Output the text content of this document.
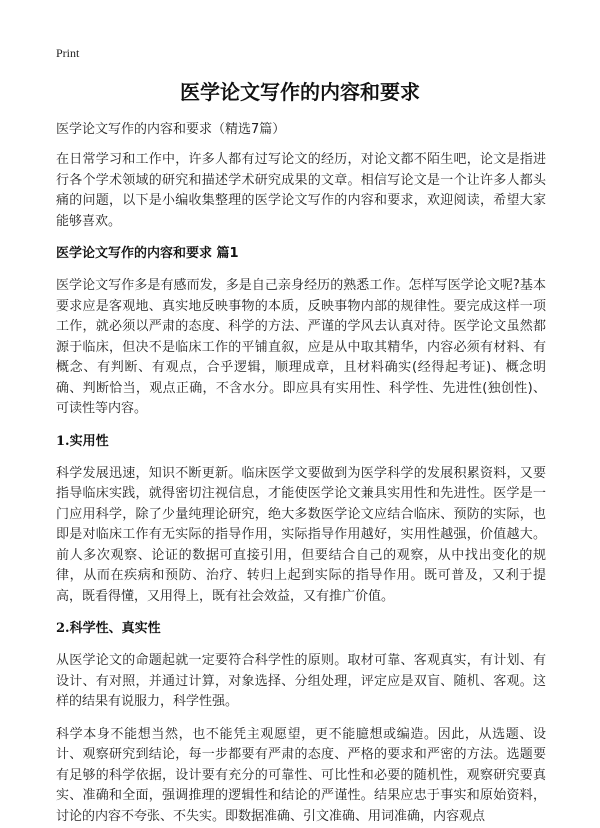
Print
医学论文写作的内容和要求

医学论文写作的内容和要求（精选7篇）

在日常学习和工作中，许多人都有过写论文的经历，对论文都不陌生吧，论文是指进行各个学术领域的研究和描述学术研究成果的文章。相信写论文是一个让许多人都头痛的问题，以下是小编收集整理的医学论文写作的内容和要求，欢迎阅读，希望大家能够喜欢。

医学论文写作的内容和要求 篇1

医学论文写作多是有感而发，多是自己亲身经历的熟悉工作。怎样写医学论文呢?基本要求应是客观地、真实地反映事物的本质，反映事物内部的规律性。要完成这样一项工作，就必须以严肃的态度、科学的方法、严谨的学风去认真对待。医学论文虽然都源于临床，但决不是临床工作的平铺直叙，应是从中取其精华，内容必须有材料、有概念、有判断、有观点，合乎逻辑，顺理成章，且材料确实(经得起考证)、概念明确、判断恰当，观点正确，不含水分。即应具有实用性、科学性、先进性(独创性)、可读性等内容。

1.实用性

科学发展迅速，知识不断更新。临床医学文要做到为医学科学的发展积累资料，又要指导临床实践，就得密切注视信息，才能使医学论文兼具实用性和先进性。医学是一门应用科学，除了少量纯理论研究，绝大多数医学论文应结合临床、预防的实际，也即是对临床工作有无实际的指导作用，实际指导作用越好，实用性越强，价值越大。前人多次观察、论证的数据可直接引用，但要结合自己的观察，从中找出变化的规律，从而在疾病和预防、治疗、转归上起到实际的指导作用。既可普及，又利于提高，既看得懂，又用得上，既有社会效益，又有推广价值。

2.科学性、真实性

从医学论文的命题起就一定要符合科学性的原则。取材可靠、客观真实，有计划、有设计、有对照，并通过计算，对象选择、分组处理，评定应是双盲、随机、客观。这样的结果有说服力，科学性强。

科学本身不能想当然，也不能凭主观愿望，更不能臆想或编造。因此，从选题、设计、观察研究到结论，每一步都要有严肃的态度、严格的要求和严密的方法。选题要有足够的科学依据，设计要有充分的可靠性、可比性和必要的随机性，观察研究要真实、准确和全面，强调推理的逻辑性和结论的严谨性。结果应忠于事实和原始资料，讨论的内容不夸张、不失实。即数据准确、引文准确、用词准确，内容观点
